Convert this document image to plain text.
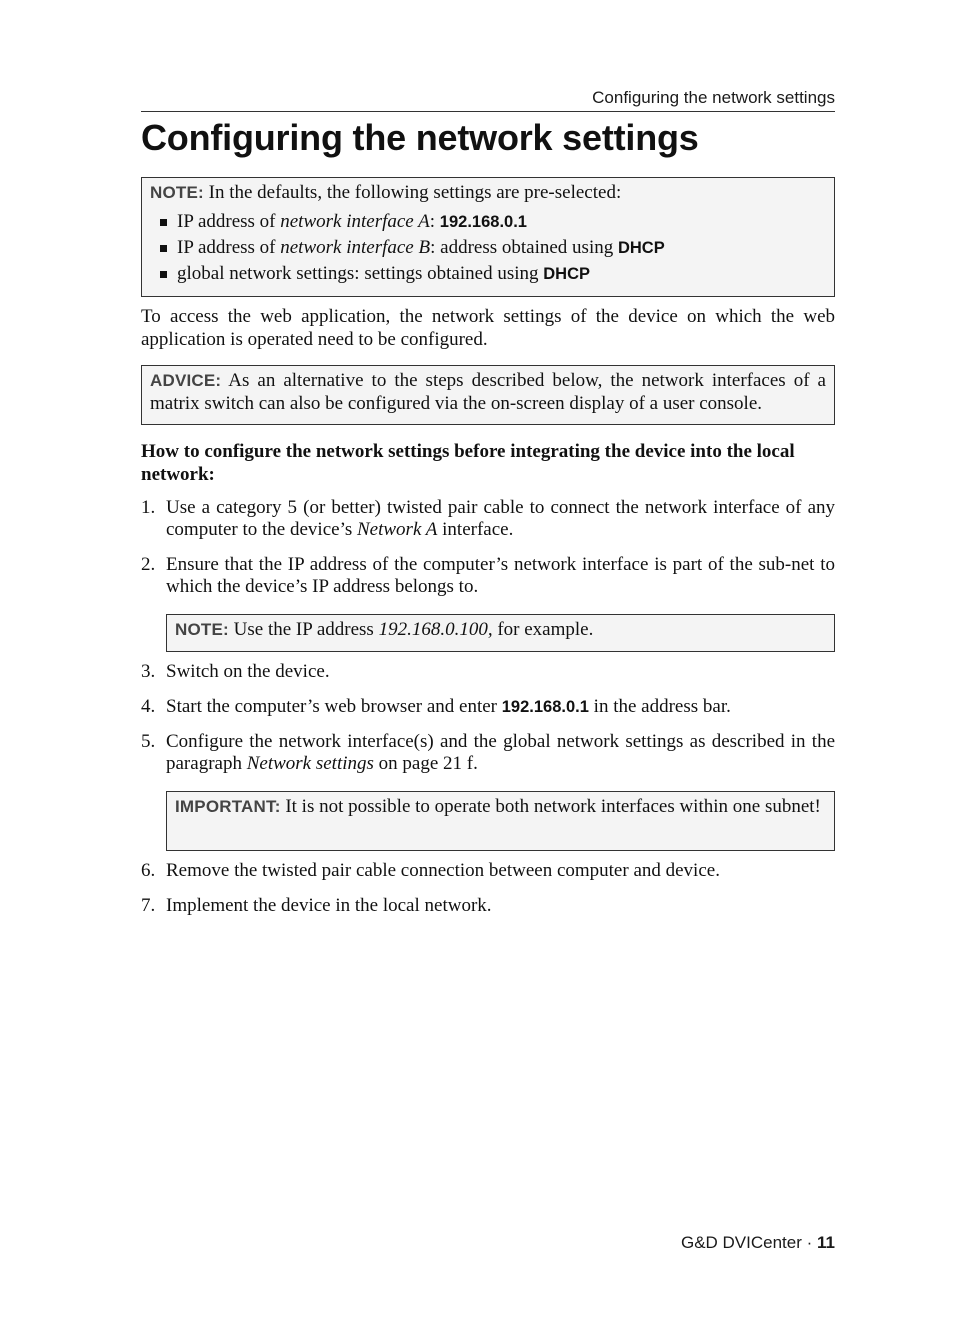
Configuring the network settings
Configuring the network settings
NOTE: In the defaults, the following settings are pre-selected:
IP address of network interface A: 192.168.0.1
IP address of network interface B: address obtained using DHCP
global network settings: settings obtained using DHCP
To access the web application, the network settings of the device on which the web application is operated need to be configured.
ADVICE: As an alternative to the steps described below, the network interfaces of a matrix switch can also be configured via the on-screen display of a user console.
How to configure the network settings before integrating the device into the local network:
1. Use a category 5 (or better) twisted pair cable to connect the network interface of any computer to the device’s Network A interface.
2. Ensure that the IP address of the computer’s network interface is part of the sub-net to which the device’s IP address belongs to.
NOTE: Use the IP address 192.168.0.100, for example.
3. Switch on the device.
4. Start the computer’s web browser and enter 192.168.0.1 in the address bar.
5. Configure the network interface(s) and the global network settings as described in the paragraph Network settings on page 21 f.
IMPORTANT: It is not possible to operate both network interfaces within one subnet!
6. Remove the twisted pair cable connection between computer and device.
7. Implement the device in the local network.
G&D DVICenter · 11
